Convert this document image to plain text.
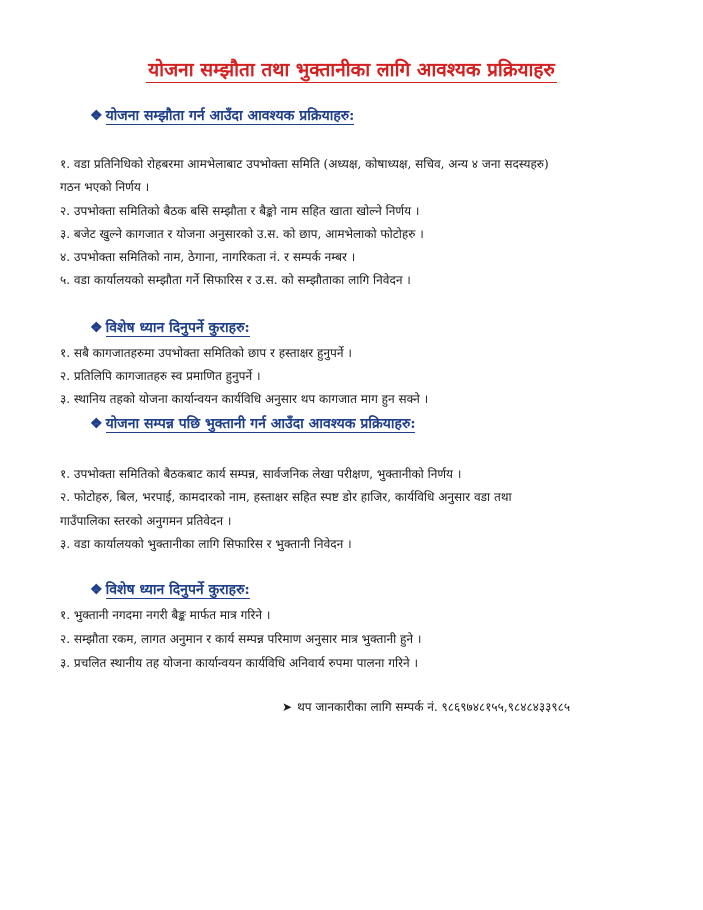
योजना सम्झौता तथा भुक्तानीका लागि आवश्यक प्रक्रियाहरु
❖ योजना सम्झौता गर्न आउँदा आवश्यक प्रक्रियाहरु:
१. वडा प्रतिनिधिको रोहबरमा आमभेलाबाट उपभोक्ता समिति (अध्यक्ष, कोषाध्यक्ष, सचिव, अन्य ४ जना सदस्यहरु)
गठन भएको निर्णय ।
२. उपभोक्ता समितिको बैठक बसि सम्झौता र बैङ्को नाम सहित खाता खोल्ने निर्णय ।
३. बजेट खुल्ने कागजात र योजना अनुसारको उ.स. को छाप, आमभेलाको फोटोहरु ।
४. उपभोक्ता समितिको नाम, ठेगाना, नागरिकता नं. र सम्पर्क नम्बर ।
५. वडा कार्यालयको सम्झौता गर्ने सिफारिस र उ.स. को सम्झौताका लागि निवेदन ।
❖ विशेष ध्यान दिनुपर्ने कुराहरु:
१. सबै कागजातहरुमा उपभोक्ता समितिको छाप र हस्ताक्षर हुनुपर्ने ।
२. प्रतिलिपि कागजातहरु स्व प्रमाणित हुनुपर्ने ।
३. स्थानिय तहको योजना कार्यान्वयन कार्यविधि अनुसार थप कागजात माग हुन सक्ने ।
❖ योजना सम्पन्न पछि भुक्तानी गर्न आउँदा आवश्यक प्रक्रियाहरु:
१. उपभोक्ता समितिको बैठकबाट कार्य सम्पन्न, सार्वजनिक लेखा परीक्षण, भुक्तानीको निर्णय ।
२. फोटोहरु, बिल, भरपाई, कामदारको नाम, हस्ताक्षर सहित स्पष्ट डोर हाजिर, कार्यविधि अनुसार वडा तथा
गाउँपालिका स्तरको अनुगमन प्रतिवेदन ।
३. वडा कार्यालयको भुक्तानीका लागि सिफारिस र भुक्तानी निवेदन ।
❖ विशेष ध्यान दिनुपर्ने कुराहरु:
१. भुक्तानी नगदमा नगरी बैङ्क मार्फत मात्र गरिने ।
२. सम्झौता रकम, लागत अनुमान र कार्य सम्पन्न परिमाण अनुसार मात्र भुक्तानी हुने ।
३. प्रचलित स्थानीय तह योजना कार्यान्वयन कार्यविधि अनिवार्य रुपमा पालना गरिने ।
➤ थप जानकारीका लागि सम्पर्क नं. ९८६९७४८१५५,९८४८४३३९८५
